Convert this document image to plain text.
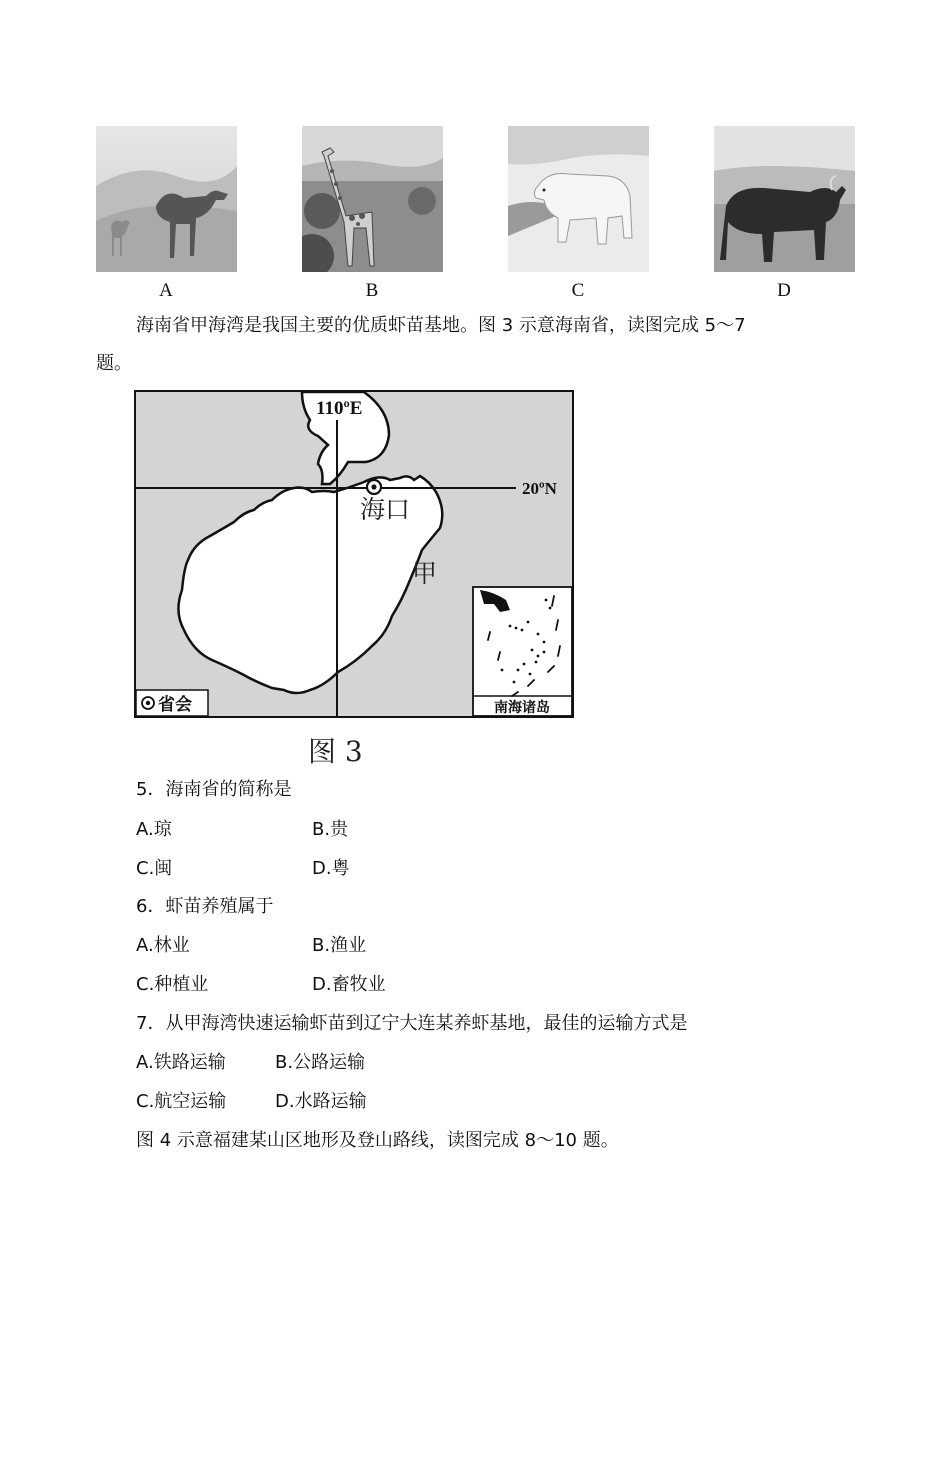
A	B	C	D
海南省甲海湾是我国主要的优质虾苗基地。图 3 示意海南省，读图完成 5～7
题。
110ºE
20ºN
海口
甲
省会	南海诸岛
图 3
5．海南省的简称是
A.琼	B.贵
C.闽	D.粤
6．虾苗养殖属于
A.林业	B.渔业
C.种植业	D.畜牧业
7．从甲海湾快速运输虾苗到辽宁大连某养虾基地，最佳的运输方式是
A.铁路运输	B.公路运输
C.航空运输	D.水路运输
图 4 示意福建某山区地形及登山路线，读图完成 8～10 题。
